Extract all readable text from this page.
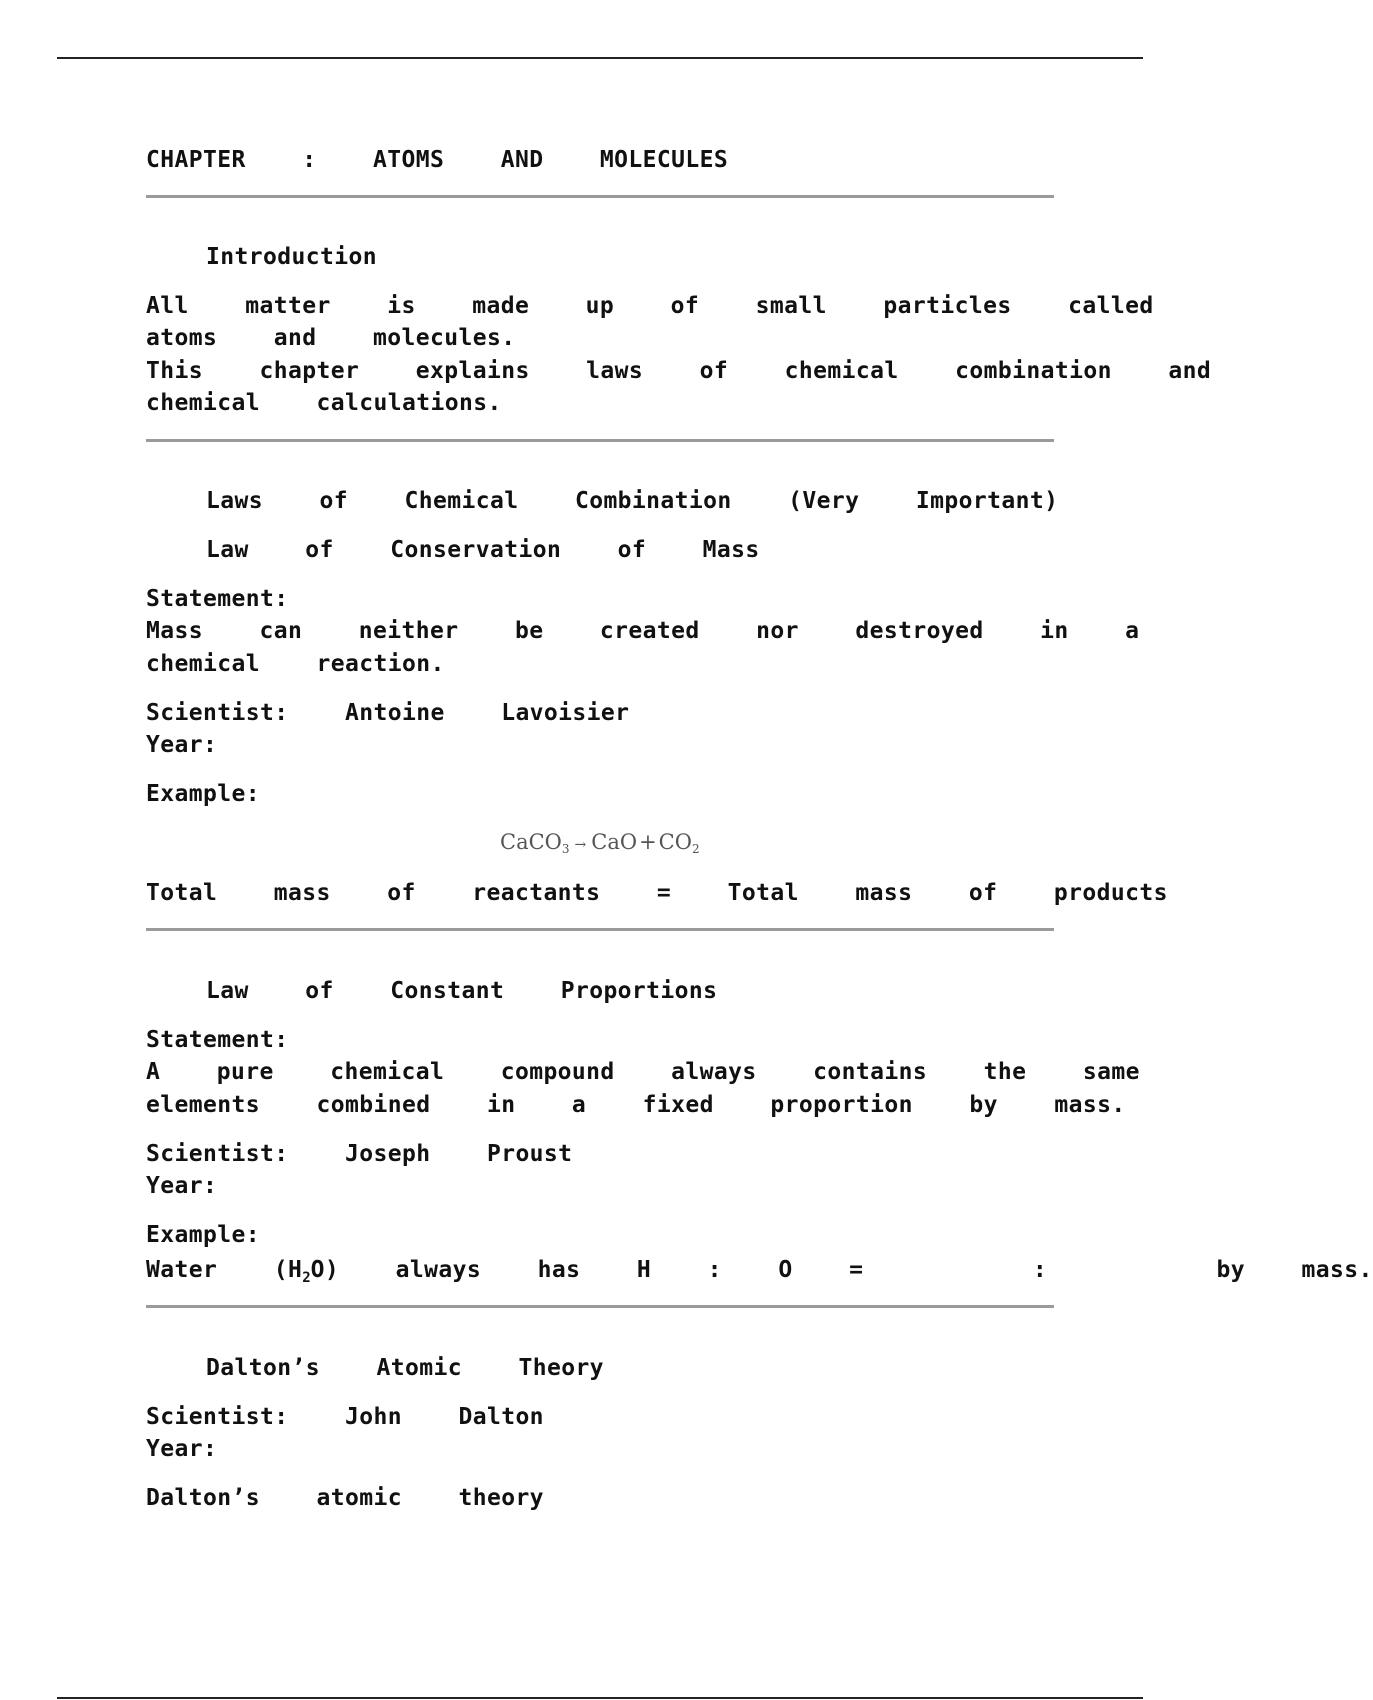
CHAPTER  :  ATOMS  AND  MOLECULES
Introduction
All  matter  is  made  up  of  small  particles  called
atoms  and  molecules.
This  chapter  explains  laws  of  chemical  combination  and
chemical  calculations.
Laws  of  Chemical  Combination  (Very  Important)
Law  of  Conservation  of  Mass
Statement:
Mass  can  neither  be  created  nor  destroyed  in  a
chemical  reaction.
Scientist:  Antoine  Lavoisier
Year:
Example:
CaCO$_3$ → $CaO+CO_2$
Total  mass  of  reactants  =  Total  mass  of  products
Law  of  Constant  Proportions
Statement:
A  pure  chemical  compound  always  contains  the  same
elements  combined  in  a  fixed  proportion  by  mass.
Scientist:  Joseph  Proust
Year:
Example:
Water  $(H_2O)$  always  has  H  :  O  =      :      by  mass.
Dalton’s  Atomic  Theory
Scientist:  John  Dalton
Year:
Dalton’s  atomic  theory
